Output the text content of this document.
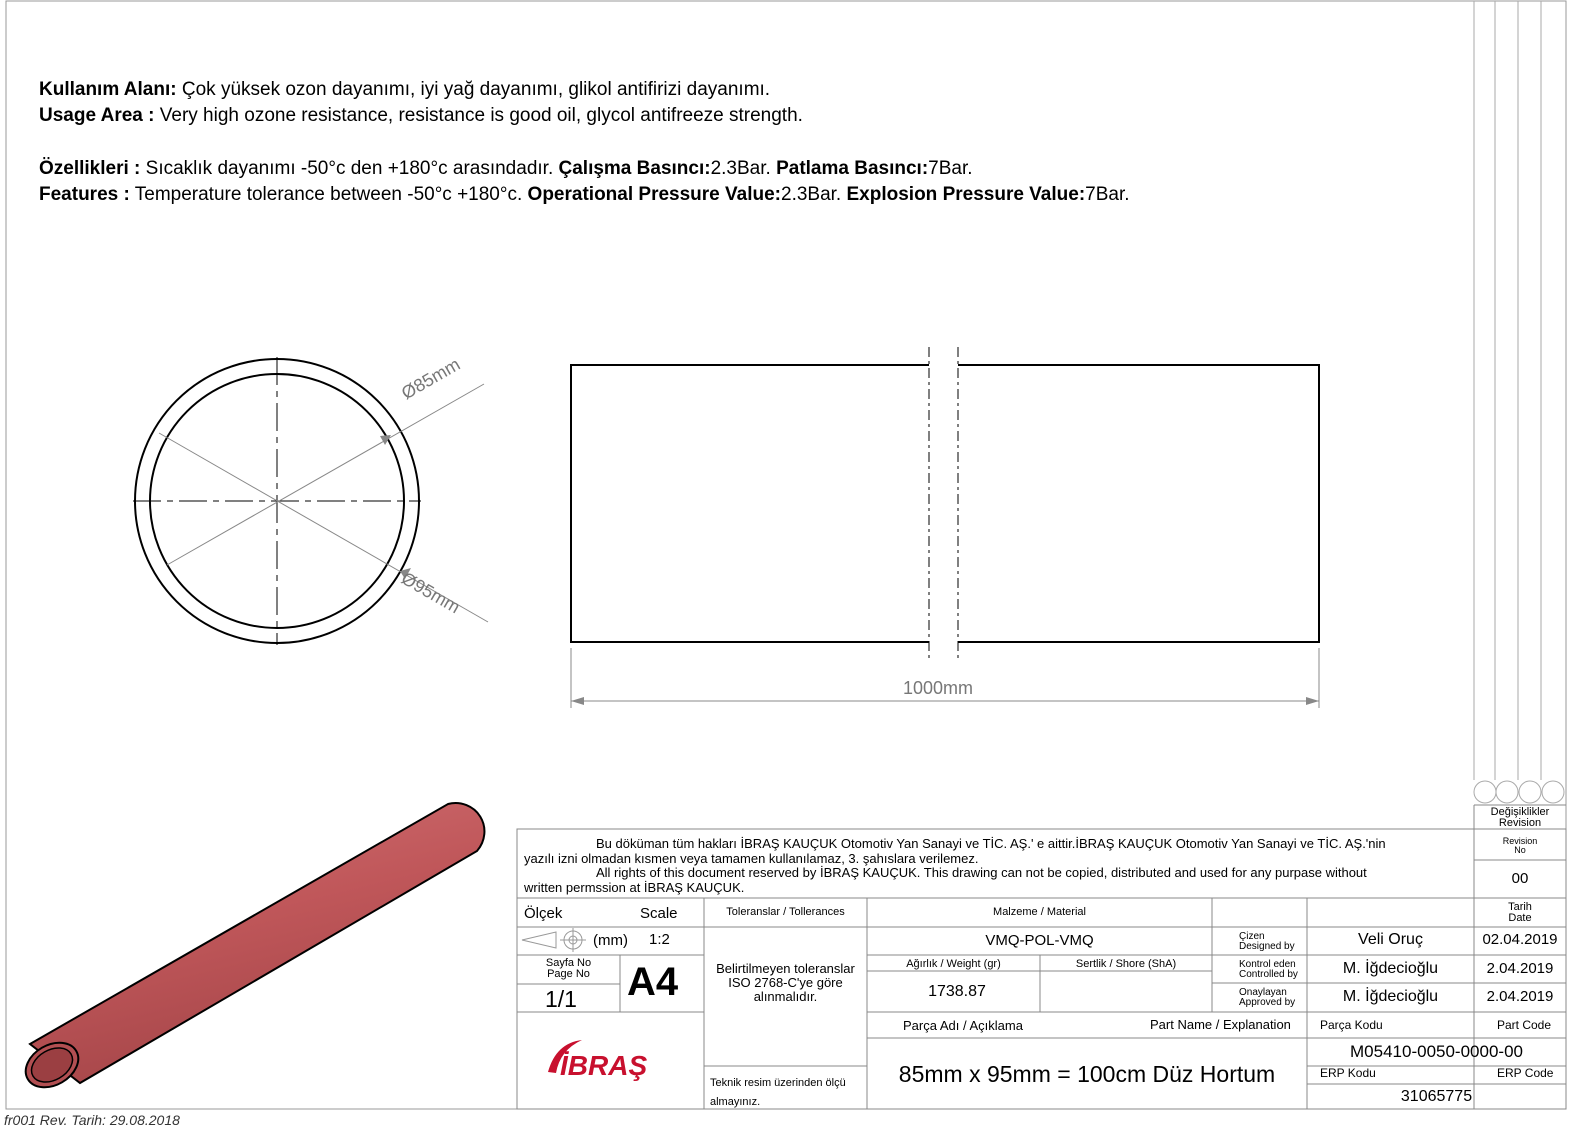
İBRAŞ
Kullanım Alanı: Çok yüksek ozon dayanımı, iyi yağ dayanımı, glikol antifirizi dayanımı.
Usage Area : Very high ozone resistance, resistance is good oil, glycol antifreeze strength.
Özellikleri : Sıcaklık dayanımı -50°c den +180°c arasındadır. Çalışma Basıncı:2.3Bar. Patlama Basıncı:7Bar.
Features : Temperature tolerance between -50°c +180°c. Operational Pressure Value:2.3Bar. Explosion Pressure Value:7Bar.
Ø85mm
Ø95mm
1000mm
Bu döküman tüm hakları İBRAŞ KAUÇUK Otomotiv Yan Sanayi ve TİC. AŞ.' e aittir.İBRAŞ KAUÇUK Otomotiv Yan Sanayi ve TİC. AŞ.'nin
yazılı izni olmadan kısmen veya tamamen kullanılamaz, 3. şahıslara verilemez.
All rights of this document reserved by İBRAŞ KAUÇUK. This drawing can not be copied, distributed and used for any purpase without
written permssion at İBRAŞ KAUÇUK.
Değişiklikler
Revision
Revision
No
00
Tarih
Date
Ölçek	Scale
(mm) 1:2
Sayfa No
Page No
1/1	A4
Toleranslar / Tollerances
Belirtilmeyen toleranslar
ISO 2768-C'ye göre
alınmalıdır.
Teknik resim üzerinden ölçü
almayınız.
Malzeme / Material
VMQ-POL-VMQ
Ağırlık / Weight (gr)
1738.87
Sertlik / Shore (ShA)
Parça Adı / Açıklama	Part Name / Explanation
85mm x 95mm = 100cm Düz Hortum
Çizen
Designed by	Veli Oruç	02.04.2019
Kontrol eden
Controlled by	M. İğdecioğlu	2.04.2019
Onaylayan
Approved by	M. İğdecioğlu	2.04.2019
Parça Kodu	Part Code
M05410-0050-0000-00
ERP Kodu	ERP Code
31065775
fr001 Rev. Tarih: 29.08.2018
